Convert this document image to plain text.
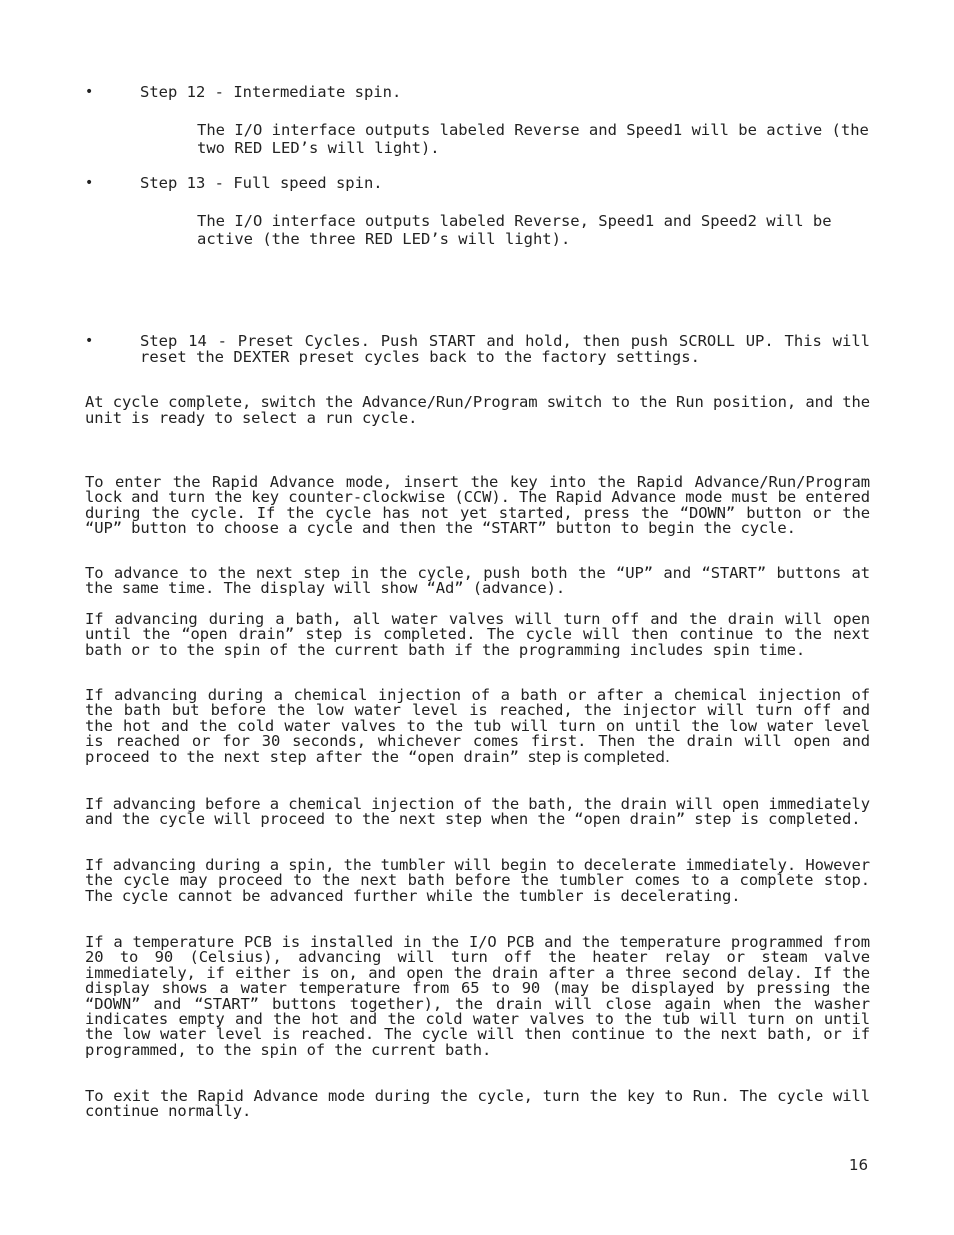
•	Step 12 - Intermediate spin.
The I/O interface outputs labeled Reverse and Speed1 will be active (the two RED LED’s will light).
•	Step 13 - Full speed spin.
The I/O interface outputs labeled Reverse, Speed1 and Speed2 will be active (the three RED LED’s will light).
•	Step 14 - Preset Cycles. Push START and hold, then push SCROLL UP. This will reset the DEXTER preset cycles back to the factory settings.
At cycle complete, switch the Advance/Run/Program switch to the Run position, and the unit is ready to select a run cycle.
To enter the Rapid Advance mode, insert the key into the Rapid Advance/Run/Program lock and turn the key counter-clockwise (CCW). The Rapid Advance mode must be entered during the cycle. If the cycle has not yet started, press the “DOWN” button or the “UP” button to choose a cycle and then the “START” button to begin the cycle.
To advance to the next step in the cycle, push both the “UP” and “START” buttons at the same time. The display will show “Ad” (advance).
If advancing during a bath, all water valves will turn off and the drain will open until the “open drain” step is completed. The cycle will then continue to the next bath or to the spin of the current bath if the programming includes spin time.
If advancing during a chemical injection of a bath or after a chemical injection of the bath but before the low water level is reached, the injector will turn off and the hot and the cold water valves to the tub will turn on until the low water level is reached or for 30 seconds, whichever comes first. Then the drain will open and proceed to the next step after the “open drain” step is completed.
If advancing before a chemical injection of the bath, the drain will open immediately and the cycle will proceed to the next step when the “open drain” step is completed.
If advancing during a spin, the tumbler will begin to decelerate immediately. However the cycle may proceed to the next bath before the tumbler comes to a complete stop. The cycle cannot be advanced further while the tumbler is decelerating.
If a temperature PCB is installed in the I/O PCB and the temperature programmed from 20 to 90 (Celsius), advancing will turn off the heater relay or steam valve immediately, if either is on, and open the drain after a three second delay. If the display shows a water temperature from 65 to 90 (may be displayed by pressing the “DOWN” and “START” buttons together), the drain will close again when the washer indicates empty and the hot and the cold water valves to the tub will turn on until the low water level is reached. The cycle will then continue to the next bath, or if programmed, to the spin of the current bath.
To exit the Rapid Advance mode during the cycle, turn the key to Run. The cycle will continue normally.
16
